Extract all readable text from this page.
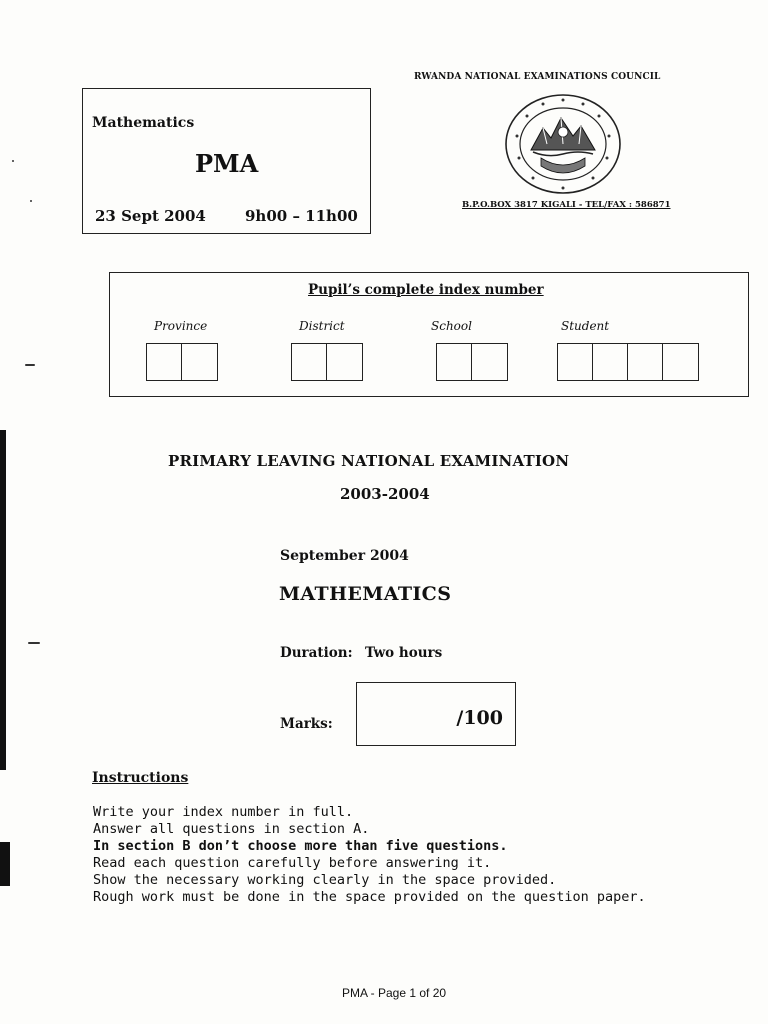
Mathematics
PMA
23 Sept 2004	9h00 – 11h00
RWANDA NATIONAL EXAMINATIONS COUNCIL
B.P.O.BOX 3817 KIGALI - TEL/FAX : 586871
Pupil’s complete index number
Province	District	School	Student
PRIMARY LEAVING NATIONAL EXAMINATION
2003-2004
September 2004
MATHEMATICS
Duration: Two hours
Marks:	/100
Instructions
Write your index number in full.
Answer all questions in section A.
In section B don’t choose more than five questions.
Read each question carefully before answering it.
Show the necessary working clearly in the space provided.
Rough work must be done in the space provided on the question paper.
PMA - Page 1 of 20
